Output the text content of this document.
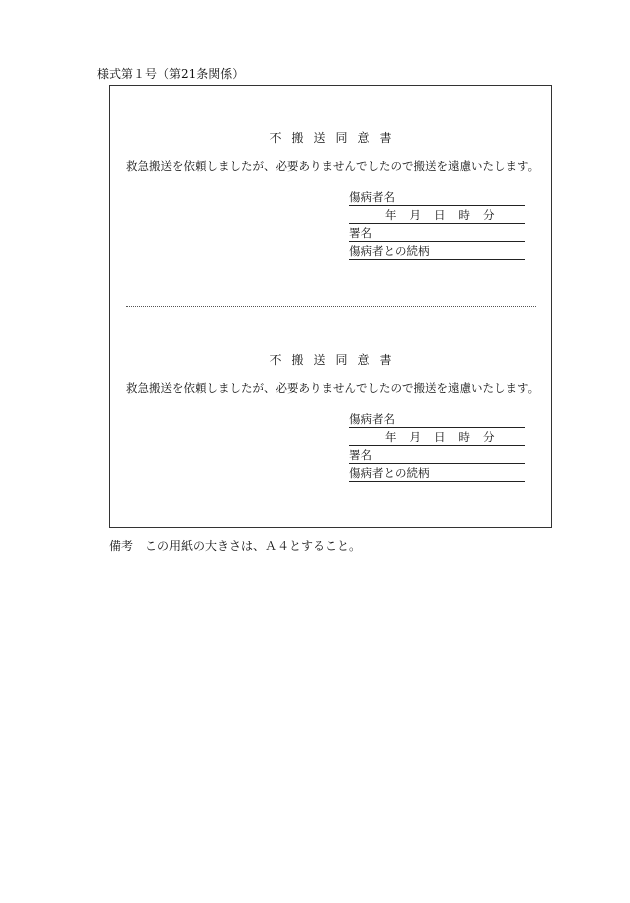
様式第１号（第21条関係）
不 搬 送 同 意 書
救急搬送を依頼しましたが、必要ありませんでしたので搬送を遠慮いたします。
傷病者名
年 月 日 時 分
署名
傷病者との続柄
不 搬 送 同 意 書
救急搬送を依頼しましたが、必要ありませんでしたので搬送を遠慮いたします。
傷病者名
年 月 日 時 分
署名
傷病者との続柄
備考　この用紙の大きさは、Ａ４とすること。
